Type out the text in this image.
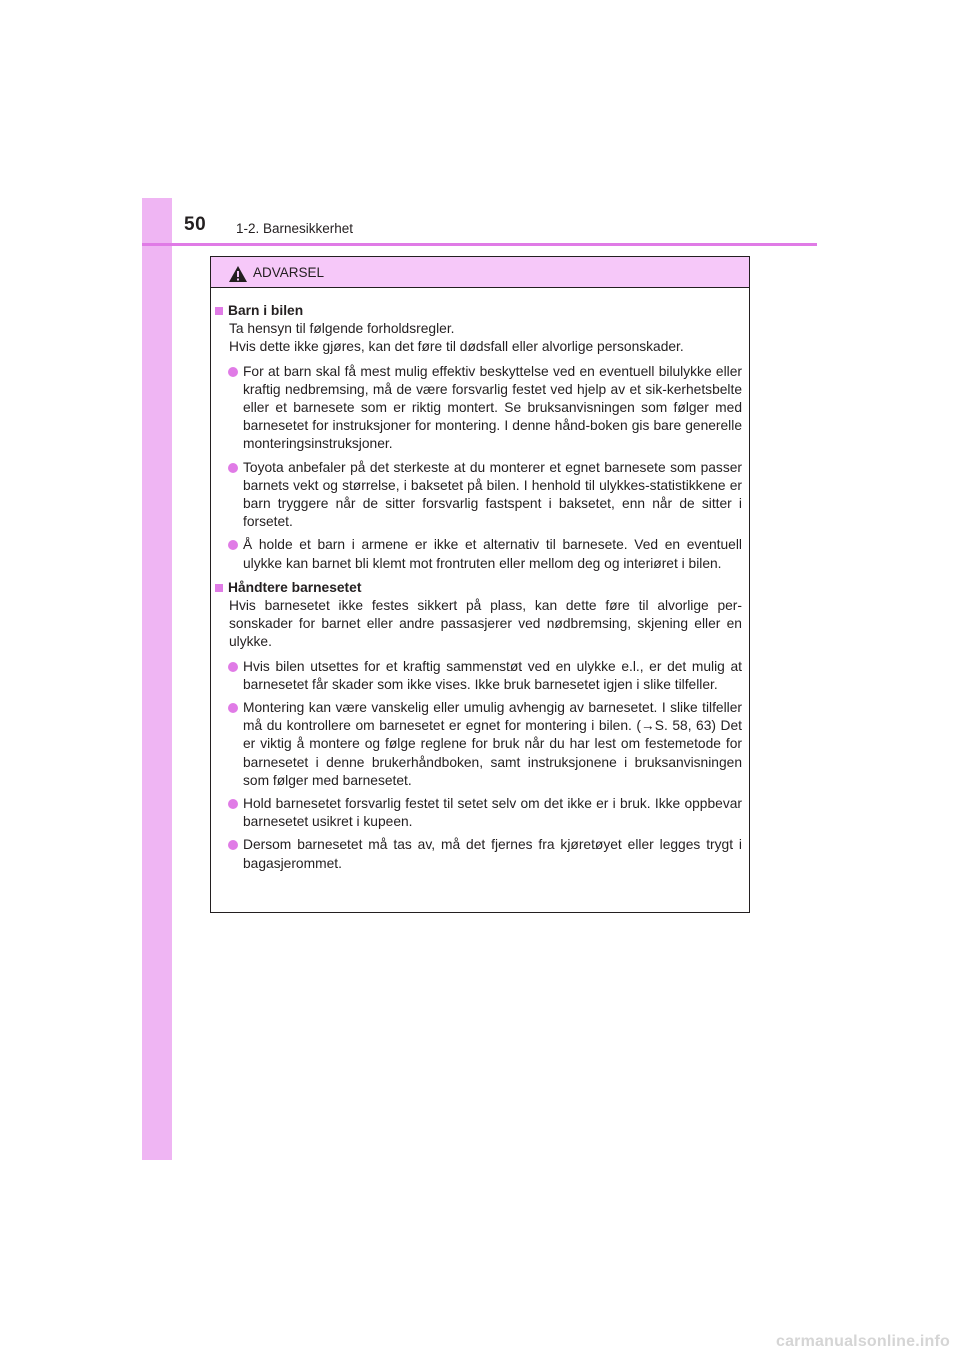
50 1-2. Barnesikkerhet
ADVARSEL
Barn i bilen

Ta hensyn til følgende forholdsregler.

Hvis dette ikke gjøres, kan det føre til dødsfall eller alvorlige personskader.

For at barn skal få mest mulig effektiv beskyttelse ved en eventuell bilulykke eller kraftig nedbremsing, må de være forsvarlig festet ved hjelp av et sik-kerhetsbelte eller et barnesete som er riktig montert. Se bruksanvisningen som følger med barnesetet for instruksjoner for montering. I denne hånd-boken gis bare generelle monteringsinstruksjoner.
Toyota anbefaler på det sterkeste at du monterer et egnet barnesete som passer barnets vekt og størrelse, i baksetet på bilen. I henhold til ulykkes-statistikkene er barn tryggere når de sitter forsvarlig fastspent i baksetet, enn når de sitter i forsetet.
Å holde et barn i armene er ikke et alternativ til barnesete. Ved en eventuell ulykke kan barnet bli klemt mot frontruten eller mellom deg og interiøret i bilen.
Håndtere barnesetet

Hvis barnesetet ikke festes sikkert på plass, kan dette føre til alvorlige per-sonskader for barnet eller andre passasjerer ved nødbremsing, skjening eller en ulykke.

Hvis bilen utsettes for et kraftig sammenstøt ved en ulykke e.l., er det mulig at barnesetet får skader som ikke vises. Ikke bruk barnesetet igjen i slike tilfeller.
Montering kan være vanskelig eller umulig avhengig av barnesetet. I slike tilfeller må du kontrollere om barnesetet er egnet for montering i bilen. (→S. 58, 63) Det er viktig å montere og følge reglene for bruk når du har lest om festemetode for barnesetet i denne brukerhåndboken, samt instruksjonene i bruksanvisningen som følger med barnesetet.
Hold barnesetet forsvarlig festet til setet selv om det ikke er i bruk. Ikke oppbevar barnesetet usikret i kupeen.
Dersom barnesetet må tas av, må det fjernes fra kjøretøyet eller legges trygt i bagasjerommet.
carmanualsonline.info
